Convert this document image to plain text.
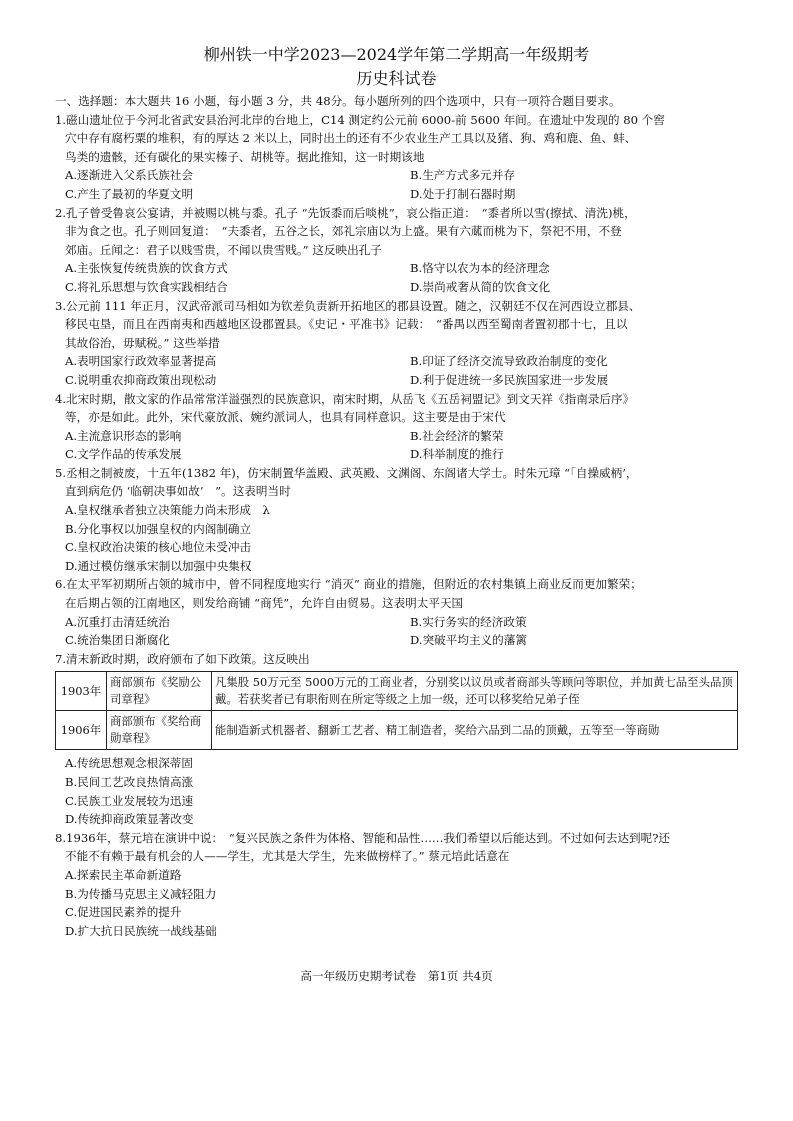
柳州铁一中学2023—2024学年第二学期高一年级期考
历史科试卷
一、选择题：本大题共 16 小题，每小题 3 分，共 48分。每小题所列的四个选项中，只有一项符合题目要求。
1.磁山遗址位于今河北省武安县治河北岸的台地上，C14 测定约公元前 6000-前 5600 年间。在遗址中发现的 80 个窖
穴中存有腐朽粟的堆积，有的厚达 2 米以上，同时出土的还有不少农业生产工具以及猪、狗、鸡和鹿、鱼、蚌、
鸟类的遗骸，还有碳化的果实榛子、胡桃等。据此推知，这一时期该地
A.逐渐进入父系氏族社会	B.生产方式多元并存
C.产生了最初的华夏文明	D.处于打制石器时期
2.孔子曾受鲁哀公宴请，并被赐以桃与黍。孔子 “先饭黍而后啖桃”，哀公指正道：　“黍者所以雪(擦拭、清洗)桃，
非为食之也。孔子则回复道：　“夫黍者，五谷之长，郊礼宗庙以为上盛。果有六蓏而桃为下，祭祀不用，不登
郊庙。丘闻之：君子以贱雪贵，不闻以贵雪贱。” 这反映出孔子
A.主张恢复传统贵族的饮食方式	B.恪守以农为本的经济理念
C.将礼乐思想与饮食实践相结合	D.崇尚戒奢从简的饮食文化
3.公元前 111 年正月，汉武帝派司马相如为钦差负责新开拓地区的郡县设置。随之，汉朝廷不仅在河西设立郡县、
移民屯垦，而且在西南夷和西越地区设郡置县。《史记・平准书》记载：　“番禺以西至蜀南者置初郡十七，且以
其故俗治，毋赋税。” 这些举措
A.表明国家行政效率显著提高	B.印证了经济交流导致政治制度的变化
C.说明重农抑商政策出现松动	D.利于促进统一多民族国家进一步发展
4.北宋时期，散文家的作品常常洋溢强烈的民族意识，南宋时期，从岳飞《五岳祠盟记》到文天祥《指南录后序》
等，亦是如此。此外，宋代豪放派、婉约派词人，也具有同样意识。这主要是由于宋代
A.主流意识形态的影响	B.社会经济的繁荣
C.文学作品的传承发展	D.科举制度的推行
5.丞相之制被废，十五年(1382 年)，仿宋制置华盖殿、武英殿、文渊阁、东阁诸大学士。时朱元璋 “「自操威柄’，
直到病危仍 ‘临朝决事如故’　”。这表明当时
A.皇权继承者独立决策能力尚未形成　λ
B.分化事权以加强皇权的内阁制确立
C.皇权政治决策的核心地位未受冲击
D.通过模仿继承宋制以加强中央集权
6.在太平军初期所占领的城市中，曾不同程度地实行 “消灭” 商业的措施，但附近的农村集镇上商业反而更加繁荣；
在后期占领的江南地区，则发给商铺 “商凭”，允许自由贸易。这表明太平天国
A.沉重打击清廷统治	B.实行务实的经济政策
C.统治集团日渐腐化	D.突破平均主义的藩篱
7.清末新政时期，政府颁布了如下政策。这反映出
1903年	商部颁布《奖励公司章程》	凡集股 50万元至 5000万元的工商业者，分别奖以议员或者商部头等顾问等职位，并加黄七品至头品顶戴。若获奖者已有职衔则在所定等级之上加一级，还可以移奖给兄弟子侄
1906年	商部颁布《奖给商勋章程》	能制造新式机器者、翻新工艺者、精工制造者，奖给六品到二品的顶戴，五等至一等商勋
A.传统思想观念根深蒂固
B.民间工艺改良热情高涨
C.民族工业发展较为迅速
D.传统抑商政策显著改变
8.1936年，蔡元培在演讲中说：　“复兴民族之条件为体格、智能和品性……我们希望以后能达到。不过如何去达到呢?还
不能不有赖于最有机会的人——学生，尤其是大学生，先来做榜样了。” 蔡元培此话意在
A.探索民主革命新道路
B.为传播马克思主义减轻阻力
C.促进国民素养的提升
D.扩大抗日民族统一战线基础
高一年级历史期考试卷　第1页 共4页
